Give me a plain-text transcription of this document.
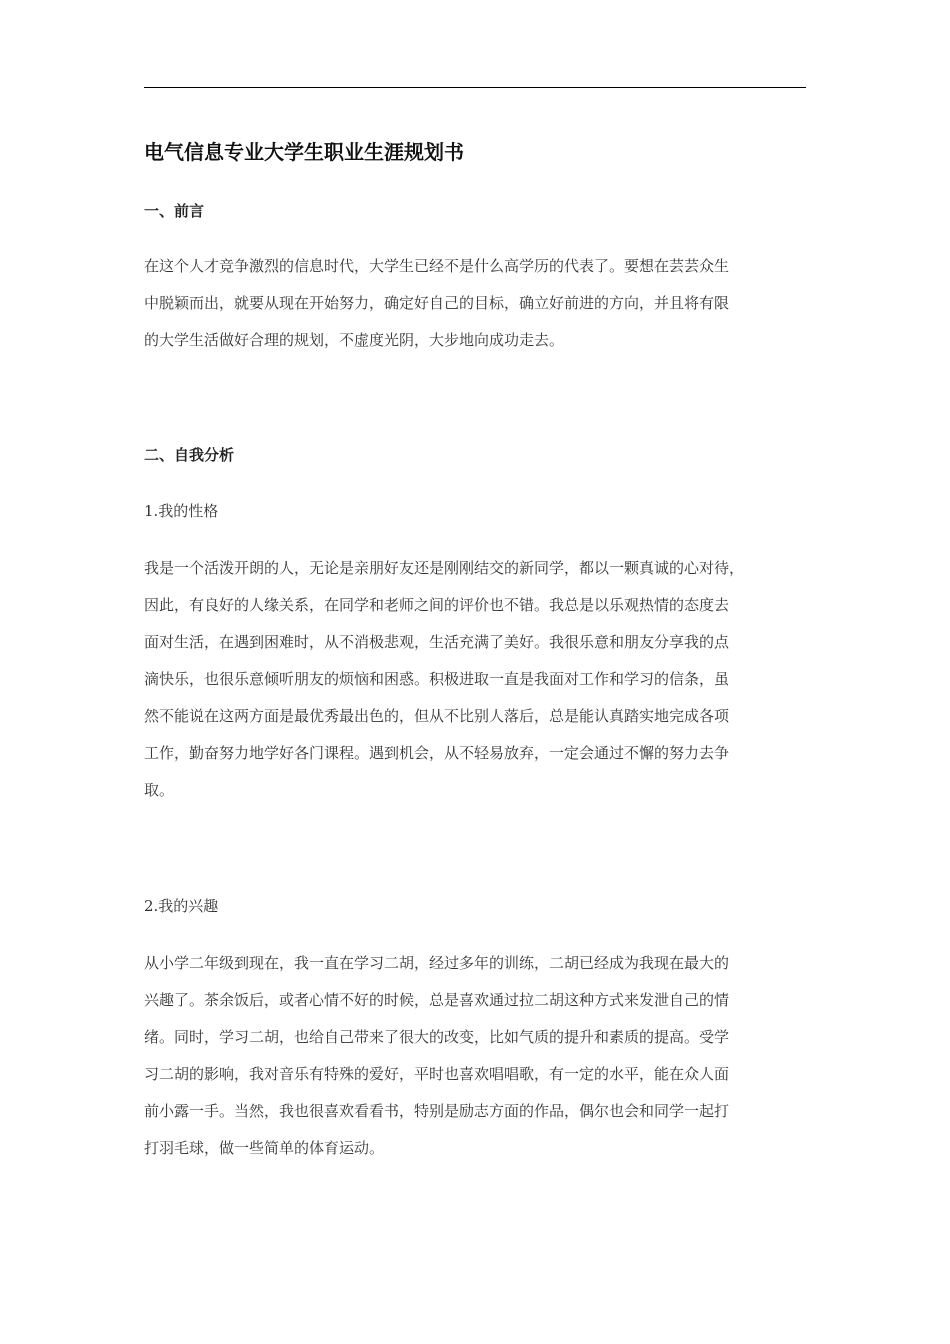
电气信息专业大学生职业生涯规划书
一、前言
在这个人才竞争激烈的信息时代，大学生已经不是什么高学历的代表了。要想在芸芸众生
中脱颖而出，就要从现在开始努力，确定好自己的目标，确立好前进的方向，并且将有限
的大学生活做好合理的规划，不虚度光阴，大步地向成功走去。
二、自我分析
1.我的性格
我是一个活泼开朗的人，无论是亲朋好友还是刚刚结交的新同学，都以一颗真诚的心对待，
因此，有良好的人缘关系，在同学和老师之间的评价也不错。我总是以乐观热情的态度去
面对生活，在遇到困难时，从不消极悲观，生活充满了美好。我很乐意和朋友分享我的点
滴快乐，也很乐意倾听朋友的烦恼和困惑。积极进取一直是我面对工作和学习的信条，虽
然不能说在这两方面是最优秀最出色的，但从不比别人落后，总是能认真踏实地完成各项
工作，勤奋努力地学好各门课程。遇到机会，从不轻易放弃，一定会通过不懈的努力去争
取。
2.我的兴趣
从小学二年级到现在，我一直在学习二胡，经过多年的训练，二胡已经成为我现在最大的
兴趣了。茶余饭后，或者心情不好的时候，总是喜欢通过拉二胡这种方式来发泄自己的情
绪。同时，学习二胡，也给自己带来了很大的改变，比如气质的提升和素质的提高。受学
习二胡的影响，我对音乐有特殊的爱好，平时也喜欢唱唱歌，有一定的水平，能在众人面
前小露一手。当然，我也很喜欢看看书，特别是励志方面的作品，偶尔也会和同学一起打
打羽毛球，做一些简单的体育运动。
